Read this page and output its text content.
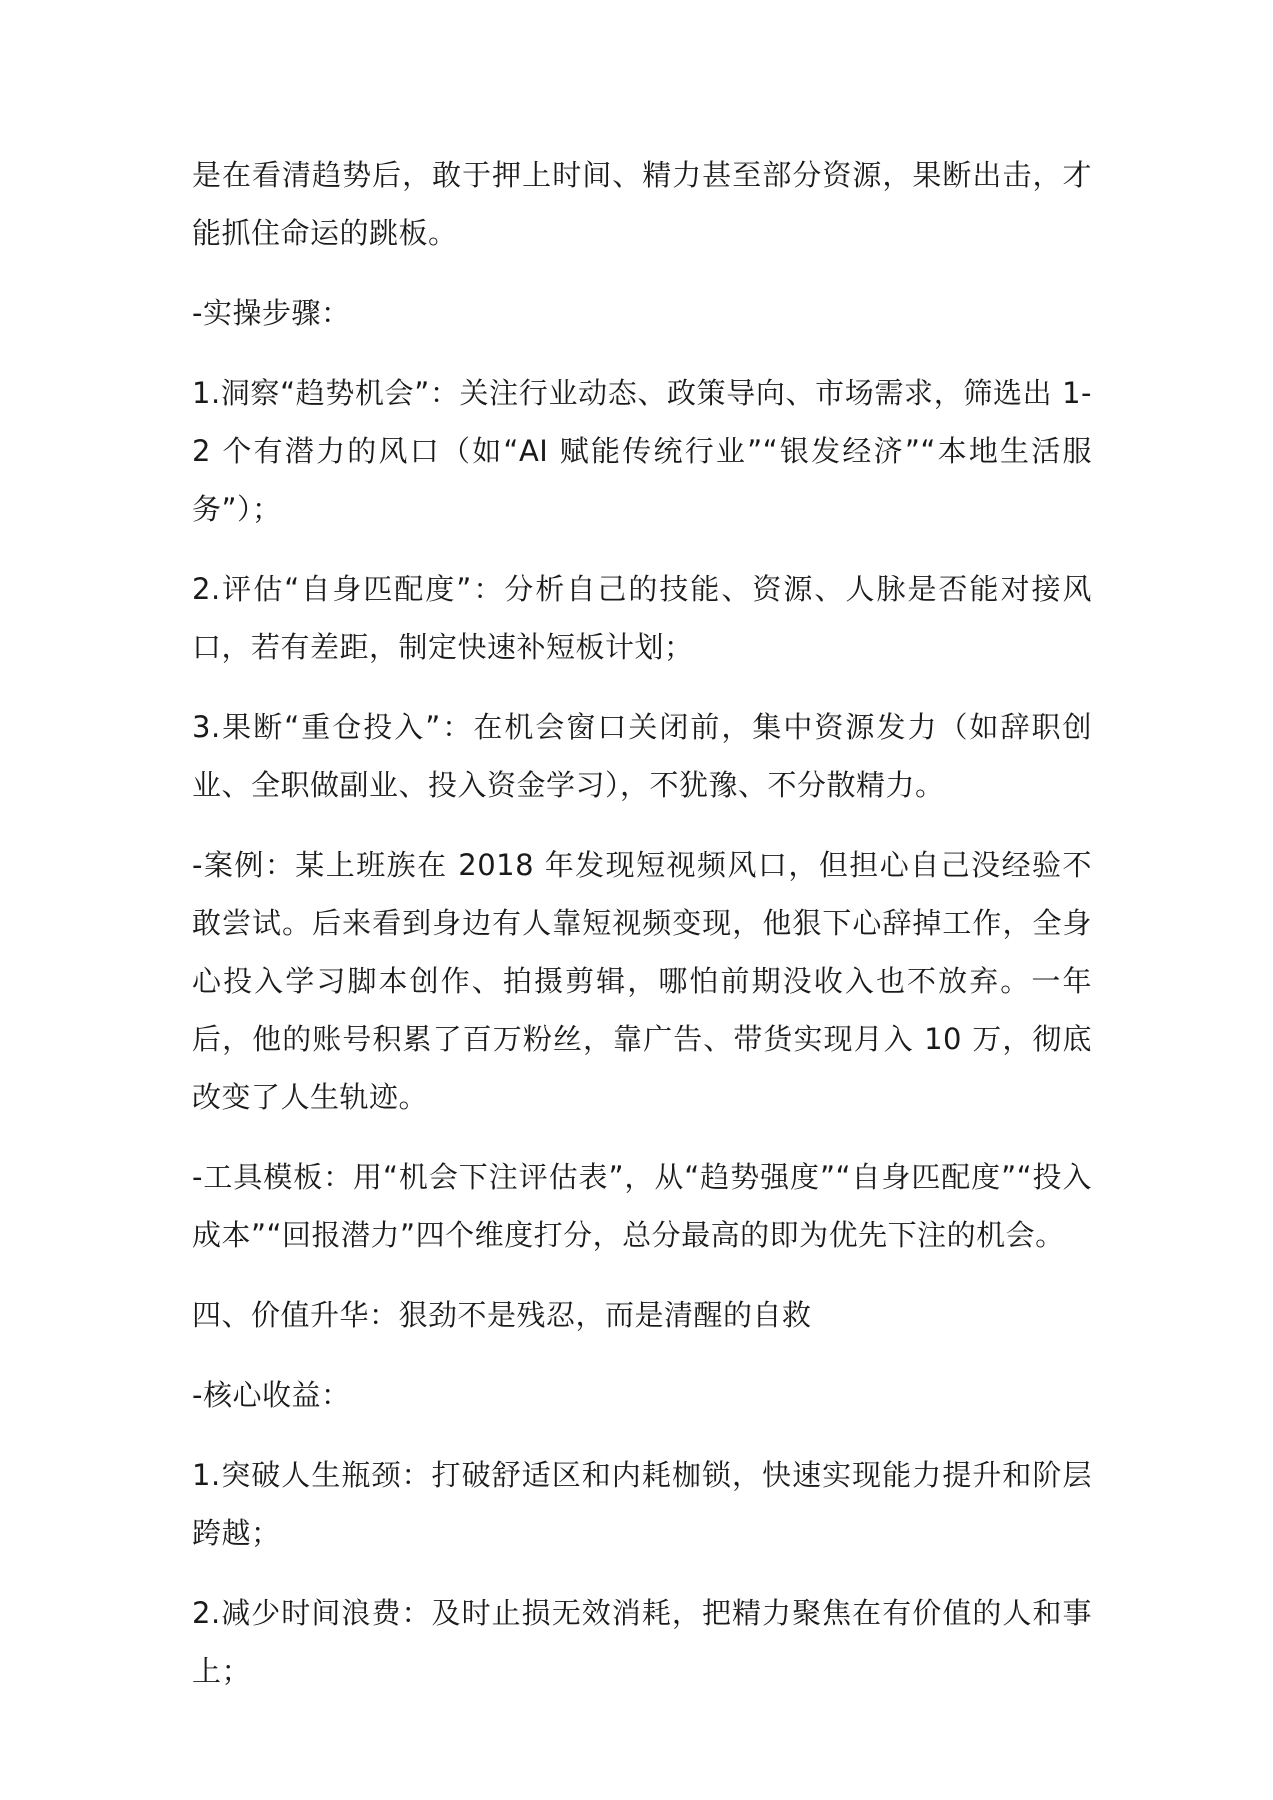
是在看清趋势后，敢于押上时间、精力甚至部分资源，果断出击，才能抓住命运的跳板。

-实操步骤：

1.洞察“趋势机会”：关注行业动态、政策导向、市场需求，筛选出 1-2 个有潜力的风口（如“AI 赋能传统行业”“银发经济”“本地生活服务”）；

2.评估“自身匹配度”：分析自己的技能、资源、人脉是否能对接风口，若有差距，制定快速补短板计划；

3.果断“重仓投入”：在机会窗口关闭前，集中资源发力（如辞职创业、全职做副业、投入资金学习），不犹豫、不分散精力。

-案例：某上班族在 2018 年发现短视频风口，但担心自己没经验不敢尝试。后来看到身边有人靠短视频变现，他狠下心辞掉工作，全身心投入学习脚本创作、拍摄剪辑，哪怕前期没收入也不放弃。一年后，他的账号积累了百万粉丝，靠广告、带货实现月入 10 万，彻底改变了人生轨迹。

-工具模板：用“机会下注评估表”，从“趋势强度”“自身匹配度”“投入成本”“回报潜力”四个维度打分，总分最高的即为优先下注的机会。

四、价值升华：狠劲不是残忍，而是清醒的自救

-核心收益：

1.突破人生瓶颈：打破舒适区和内耗枷锁，快速实现能力提升和阶层跨越；

2.减少时间浪费：及时止损无效消耗，把精力聚焦在有价值的人和事上；
